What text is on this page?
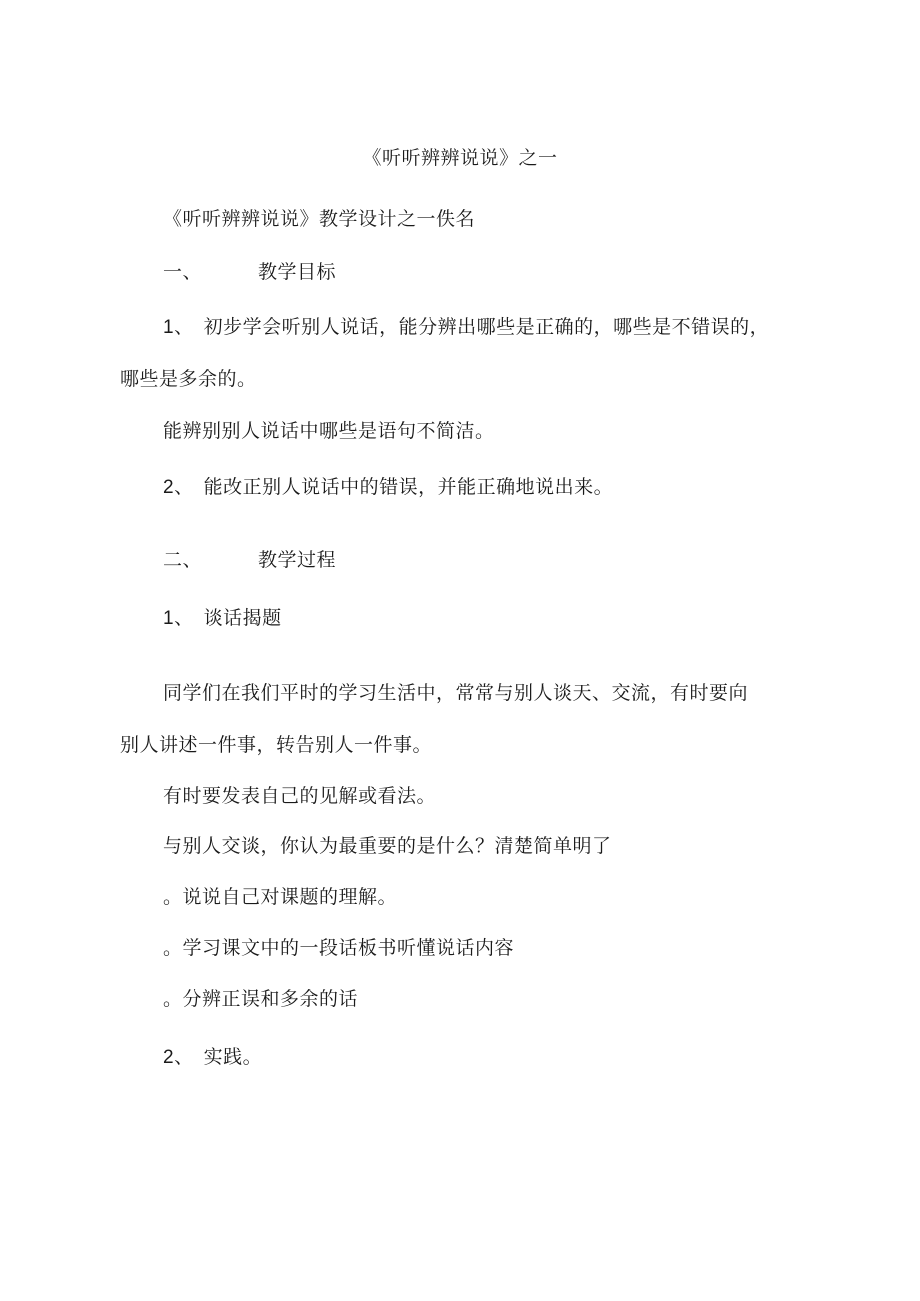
《听听辨辨说说》之一
《听听辨辨说说》教学设计之一佚名
一、	教学目标
1、 初步学会听别人说话，能分辨出哪些是正确的，哪些是不错误的，
哪些是多余的。
能辨别别人说话中哪些是语句不简洁。
2、 能改正别人说话中的错误，并能正确地说出来。
二、	教学过程
1、 谈话揭题
同学们在我们平时的学习生活中，常常与别人谈天、交流，有时要向
别人讲述一件事，转告别人一件事。
有时要发表自己的见解或看法。
与别人交谈，你认为最重要的是什么？清楚简单明了
。说说自己对课题的理解。
。学习课文中的一段话板书听懂说话内容
。分辨正误和多余的话
2、 实践。
